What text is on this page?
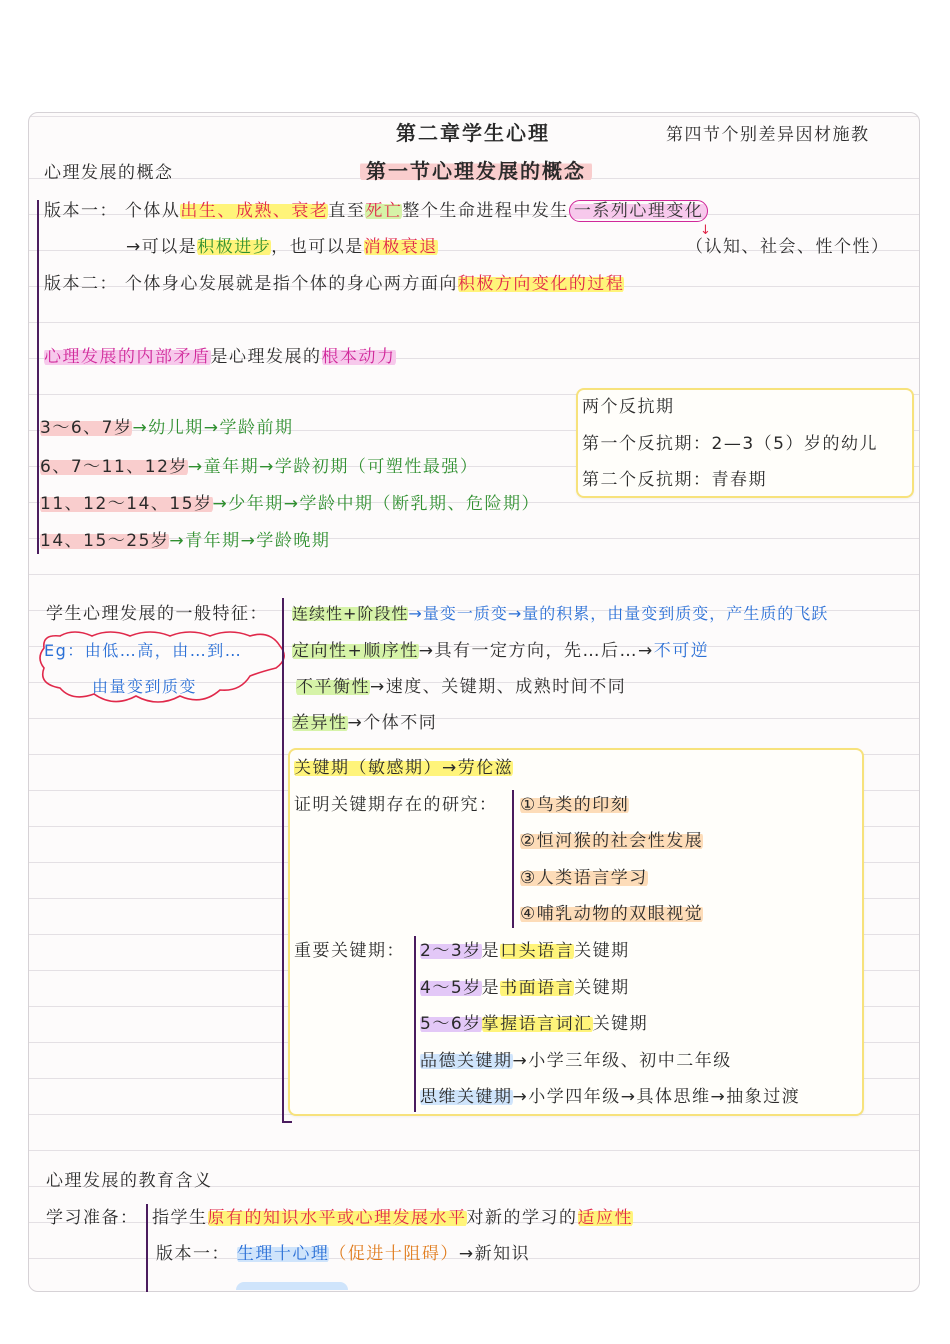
第二章学生心理	第四节个别差异因材施教
第一节心理发展的概念
心理发展的概念
版本一： 个体从出生、成熟、衰老直至死亡整个生命进程中发生 一系列心理变化
→可以是积极进步，也可以是消极衰退	（认知、社会、性个性）
↓
版本二： 个体身心发展就是指个体的身心两方面向积极方向变化的过程
心理发展的内部矛盾是心理发展的根本动力
3～6、7岁→幼儿期→学龄前期
6、7～11、12岁→童年期→学龄初期（可塑性最强）
11、12～14、15岁→少年期→学龄中期（断乳期、危险期）
14、15～25岁→青年期→学龄晚期
两个反抗期
第一个反抗期：2—3（5）岁的幼儿
第二个反抗期：青春期
学生心理发展的一般特征：
Eg：由低…高，由…到…
由量变到质变
连续性+阶段性→量变一质变→量的积累，由量变到质变，产生质的飞跃
定向性+顺序性→具有一定方向，先…后…→不可逆
不平衡性→速度、关键期、成熟时间不同
差异性→个体不同
关键期（敏感期）→劳伦滋
证明关键期存在的研究： ①鸟类的印刻
②恒河猴的社会性发展
③人类语言学习
④哺乳动物的双眼视觉
重要关键期： 2～3岁是口头语言关键期
4～5岁是书面语言关键期
5～6岁掌握语言词汇关键期
品德关键期→小学三年级、初中二年级
思维关键期→小学四年级→具体思维→抽象过渡
心理发展的教育含义
学习准备： 指学生原有的知识水平或心理发展水平对新的学习的适应性
版本一： 生理十心理（促进十阻碍）→新知识
